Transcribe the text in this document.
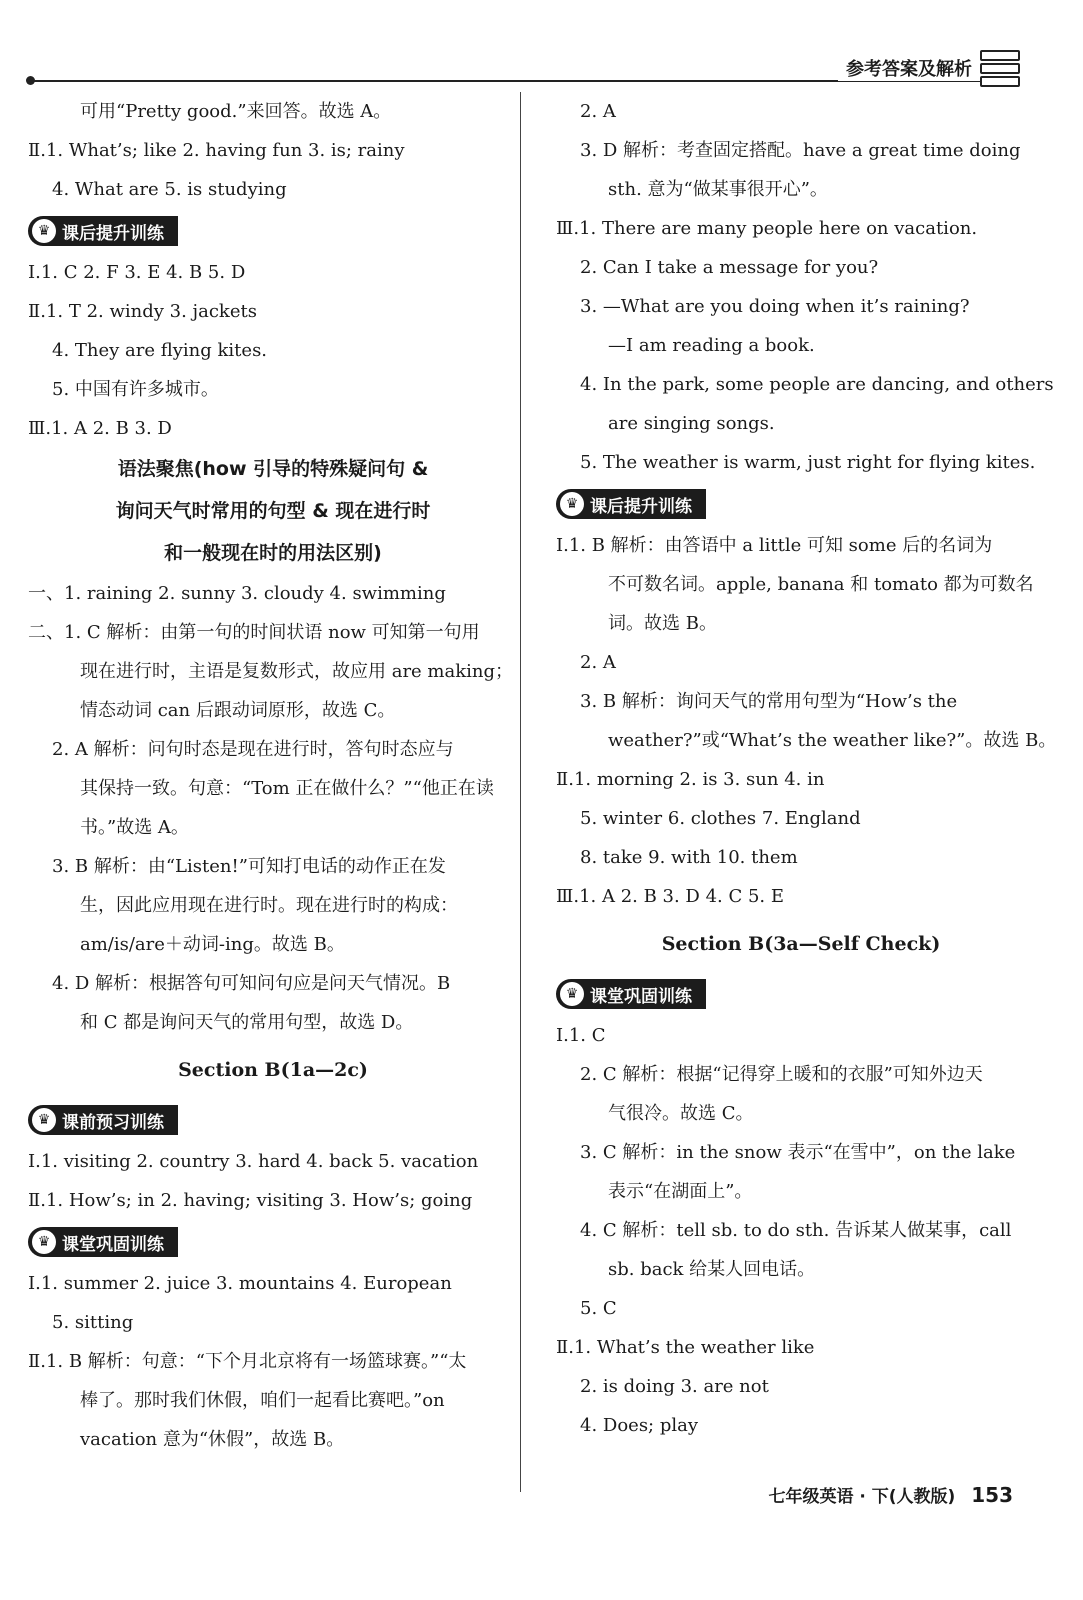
参考答案及解析
可用“Pretty good.”来回答。故选 A。
Ⅱ.1. What’s; like 2. having fun 3. is; rainy
4. What are 5. is studying
♛ 课后提升训练
Ⅰ.1. C 2. F 3. E 4. B 5. D
Ⅱ.1. T 2. windy 3. jackets
4. They are flying kites.
5. 中国有许多城市。
Ⅲ.1. A 2. B 3. D
语法聚焦(how 引导的特殊疑问句 &
询问天气时常用的句型 & 现在进行时
和一般现在时的用法区别)
一、1. raining 2. sunny 3. cloudy 4. swimming
二、1. C 解析：由第一句的时间状语 now 可知第一句用
现在进行时，主语是复数形式，故应用 are making；
情态动词 can 后跟动词原形，故选 C。
2. A 解析：问句时态是现在进行时，答句时态应与
其保持一致。句意：“Tom 正在做什么？”“他正在读
书。”故选 A。
3. B 解析：由“Listen!”可知打电话的动作正在发
生，因此应用现在进行时。现在进行时的构成：
am/is/are＋动词-ing。故选 B。
4. D 解析：根据答句可知问句应是问天气情况。B
和 C 都是询问天气的常用句型，故选 D。
Section B(1a—2c)
♛ 课前预习训练
Ⅰ.1. visiting 2. country 3. hard 4. back 5. vacation
Ⅱ.1. How’s; in 2. having; visiting 3. How’s; going
♛ 课堂巩固训练
Ⅰ.1. summer 2. juice 3. mountains 4. European
5. sitting
Ⅱ.1. B 解析：句意：“下个月北京将有一场篮球赛。”“太
棒了。那时我们休假，咱们一起看比赛吧。”on
vacation 意为“休假”，故选 B。
2. A
3. D 解析：考查固定搭配。have a great time doing
sth. 意为“做某事很开心”。
Ⅲ.1. There are many people here on vacation.
2. Can I take a message for you?
3. —What are you doing when it’s raining?
—I am reading a book.
4. In the park, some people are dancing, and others
are singing songs.
5. The weather is warm, just right for flying kites.
♛ 课后提升训练
Ⅰ.1. B 解析：由答语中 a little 可知 some 后的名词为
不可数名词。apple, banana 和 tomato 都为可数名
词。故选 B。
2. A
3. B 解析：询问天气的常用句型为“How’s the
weather?”或“What’s the weather like?”。故选 B。
Ⅱ.1. morning 2. is 3. sun 4. in
5. winter 6. clothes 7. England
8. take 9. with 10. them
Ⅲ.1. A 2. B 3. D 4. C 5. E
Section B(3a—Self Check)
♛ 课堂巩固训练
Ⅰ.1. C
2. C 解析：根据“记得穿上暖和的衣服”可知外边天
气很冷。故选 C。
3. C 解析：in the snow 表示“在雪中”，on the lake
表示“在湖面上”。
4. C 解析：tell sb. to do sth. 告诉某人做某事，call
sb. back 给某人回电话。
5. C
Ⅱ.1. What’s the weather like
2. is doing 3. are not
4. Does; play
七年级英语 · 下(人教版) 153
